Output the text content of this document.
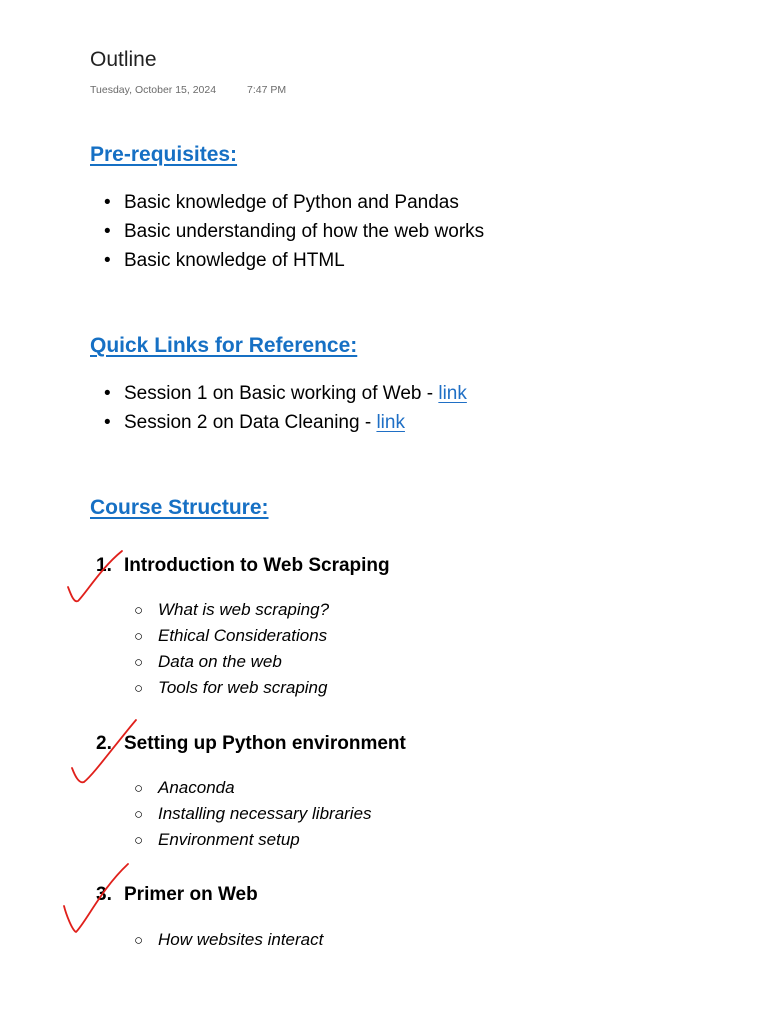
Outline
Tuesday, October 15, 2024	7:47 PM
Pre-requisites:
• Basic knowledge of Python and Pandas
• Basic understanding of how the web works
• Basic knowledge of HTML
Quick Links for Reference:
• Session 1 on Basic working of Web - link
• Session 2 on Data Cleaning - link
Course Structure:
1. Introduction to Web Scraping
○ What is web scraping?
○ Ethical Considerations
○ Data on the web
○ Tools for web scraping
2. Setting up Python environment
○ Anaconda
○ Installing necessary libraries
○ Environment setup
3. Primer on Web
○ How websites interact
